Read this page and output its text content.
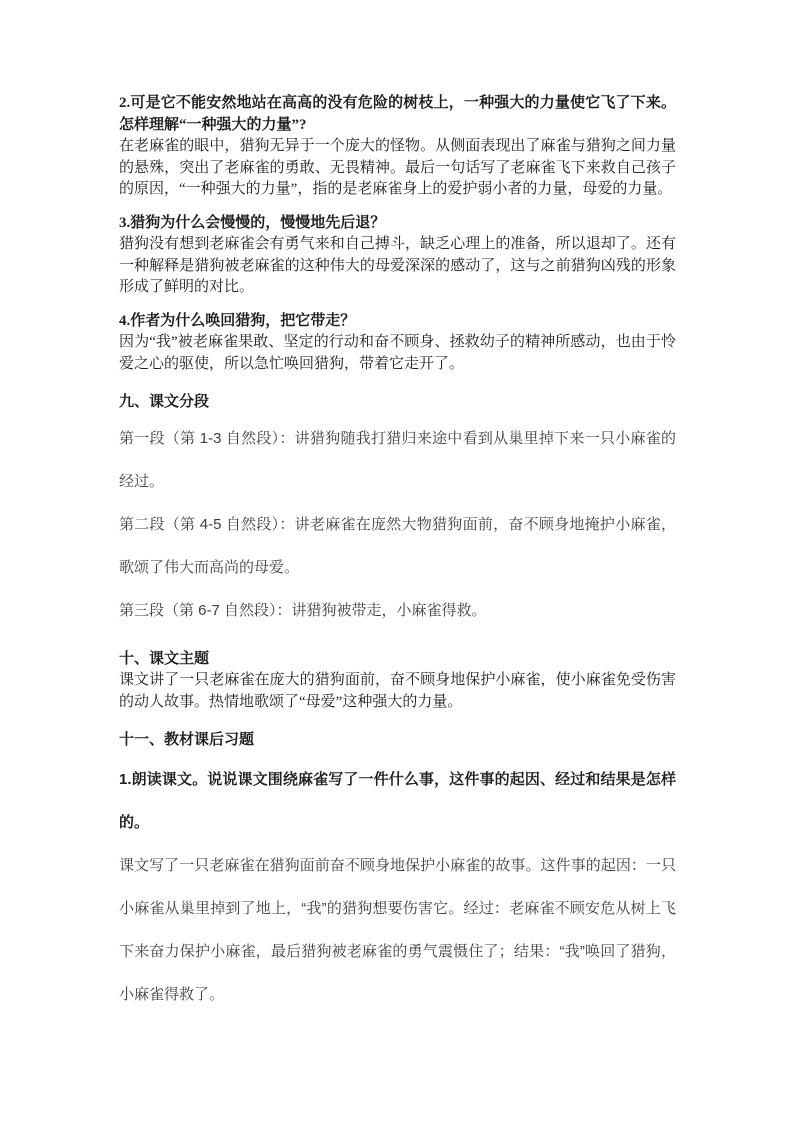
2.可是它不能安然地站在高高的没有危险的树枝上，一种强大的力量使它飞了下来。怎样理解“一种强大的力量”?

在老麻雀的眼中，猎狗无异于一个庞大的怪物。从侧面表现出了麻雀与猎狗之间力量的悬殊，突出了老麻雀的勇敢、无畏精神。最后一句话写了老麻雀飞下来救自己孩子的原因，“一种强大的力量”，指的是老麻雀身上的爱护弱小者的力量，母爱的力量。

3.猎狗为什么会慢慢的，慢慢地先后退？

猎狗没有想到老麻雀会有勇气来和自己搏斗，缺乏心理上的准备，所以退却了。还有一种解释是猎狗被老麻雀的这种伟大的母爱深深的感动了，这与之前猎狗凶残的形象形成了鲜明的对比。

4.作者为什么唤回猎狗，把它带走？

因为“我”被老麻雀果敢、坚定的行动和奋不顾身、拯救幼子的精神所感动，也由于怜爱之心的驱使，所以急忙唤回猎狗，带着它走开了。

九、课文分段

第一段（第 1-3 自然段）：讲猎狗随我打猎归来途中看到从巢里掉下来一只小麻雀的经过。

第二段（第 4-5 自然段）：讲老麻雀在庞然大物猎狗面前，奋不顾身地掩护小麻雀，歌颂了伟大而高尚的母爱。

第三段（第 6-7 自然段）：讲猎狗被带走，小麻雀得救。

十、课文主题

课文讲了一只老麻雀在庞大的猎狗面前，奋不顾身地保护小麻雀，使小麻雀免受伤害的动人故事。热情地歌颂了“母爱”这种强大的力量。

十一、教材课后习题

1.朗读课文。说说课文围绕麻雀写了一件什么事，这件事的起因、经过和结果是怎样的。

课文写了一只老麻雀在猎狗面前奋不顾身地保护小麻雀的故事。这件事的起因：一只小麻雀从巢里掉到了地上，“我”的猎狗想要伤害它。经过：老麻雀不顾安危从树上飞下来奋力保护小麻雀，最后猎狗被老麻雀的勇气震慑住了；结果：“我”唤回了猎狗，小麻雀得救了。
